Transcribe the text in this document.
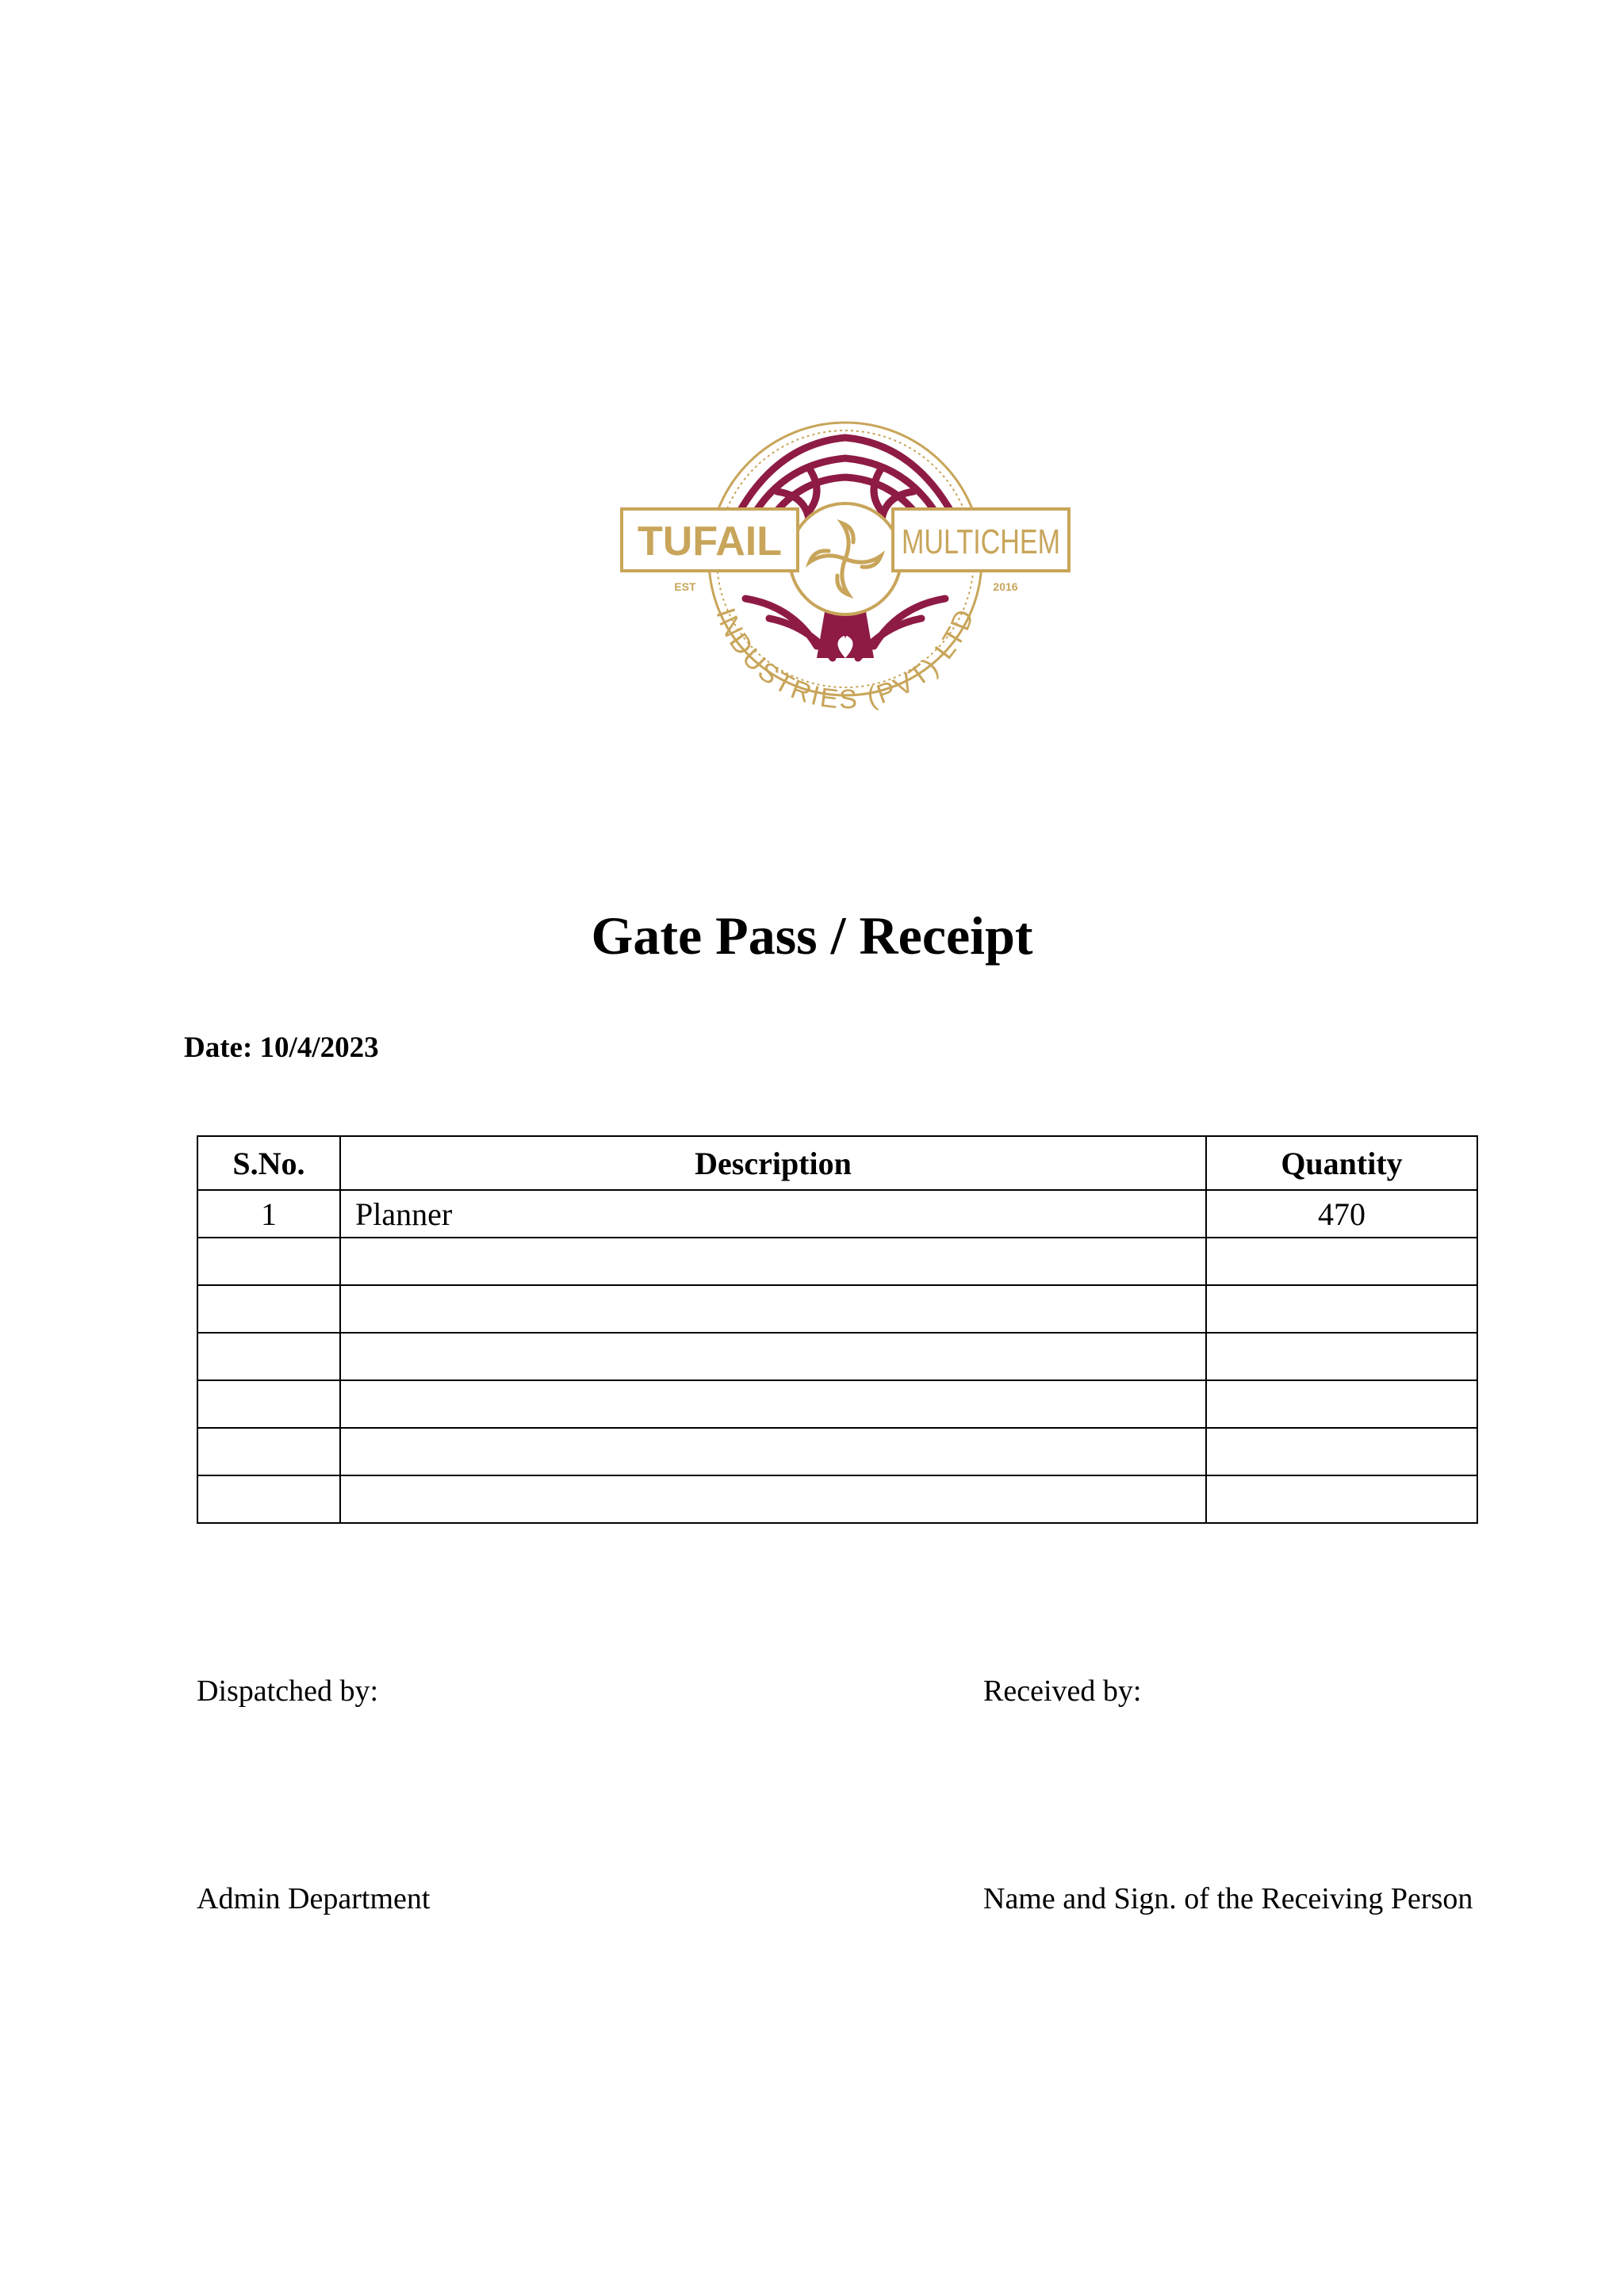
TUFAIL	MULTICHEM
EST	2016
INDUSTRIES (PVT) LTD
Gate Pass / Receipt
Date: 10/4/2023
S.No.	Description	Quantity
1	Planner	470

Dispatched by:	Received by:
Admin Department	Name and Sign. of the Receiving Person
